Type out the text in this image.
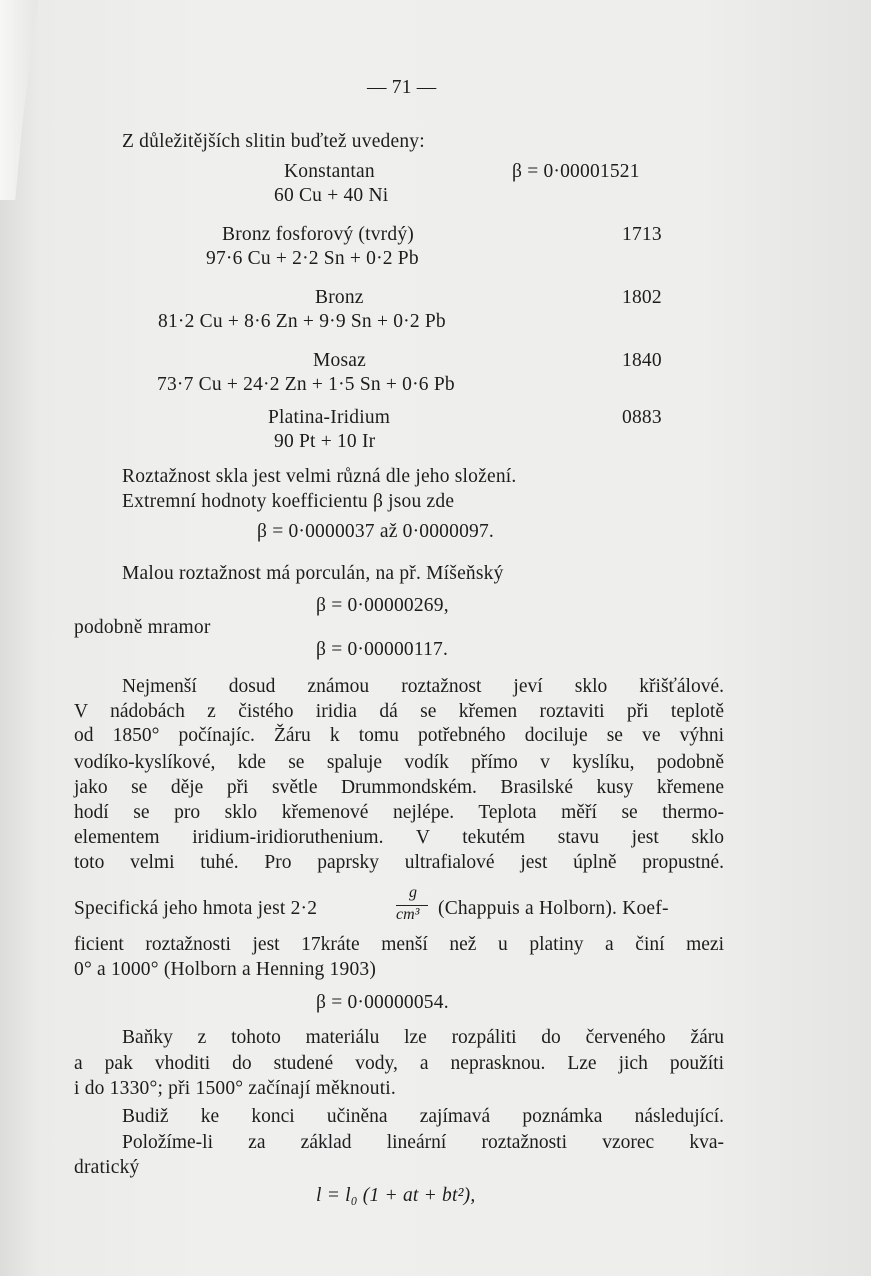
— 71 —
Z důležitějších slitin buďtež uvedeny:
Konstantan	β = 0·00001521
60 Cu + 40 Ni
Bronz fosforový (tvrdý)	1713
97·6 Cu + 2·2 Sn + 0·2 Pb
Bronz	1802
81·2 Cu + 8·6 Zn + 9·9 Sn + 0·2 Pb
Mosaz	1840
73·7 Cu + 24·2 Zn + 1·5 Sn + 0·6 Pb
Platina-Iridium	0883
90 Pt + 10 Ir
Roztažnost skla jest velmi různá dle jeho složení.
Extremní hodnoty koefficientu β jsou zde
β = 0·0000037 až 0·0000097.
Malou roztažnost má porculán, na př. Míšeňský
β = 0·00000269,
podobně mramor
β = 0·00000117.
Nejmenší dosud známou roztažnost jeví sklo křišťálové.
V nádobách z čistého iridia dá se křemen roztaviti při teplotě
od 1850° počínajíc. Žáru k tomu potřebného dociluje se ve výhni
vodíko-kyslíkové, kde se spaluje vodík přímo v kyslíku, podobně
jako se děje při světle Drummondském. Brasilské kusy křemene
hodí se pro sklo křemenové nejlépe. Teplota měří se thermo-
elementem iridium-iridioruthenium. V tekutém stavu jest sklo
toto velmi tuhé. Pro paprsky ultrafialové jest úplně propustné.
Specifická jeho hmota jest 2·2
g
cm³ (Chappuis a Holborn). Koef-
ficient roztažnosti jest 17kráte menší než u platiny a činí mezi
0° a 1000° (Holborn a Henning 1903)
β = 0·00000054.
Baňky z tohoto materiálu lze rozpáliti do červeného žáru
a pak vhoditi do studené vody, a neprasknou. Lze jich použíti
i do 1330°; při 1500° začínají měknouti.
Budiž ke konci učiněna zajímavá poznámka následující.
Položíme-li za základ lineární roztažnosti vzorec kva-
dratický
l = l₀ (1 + at + bt²),
